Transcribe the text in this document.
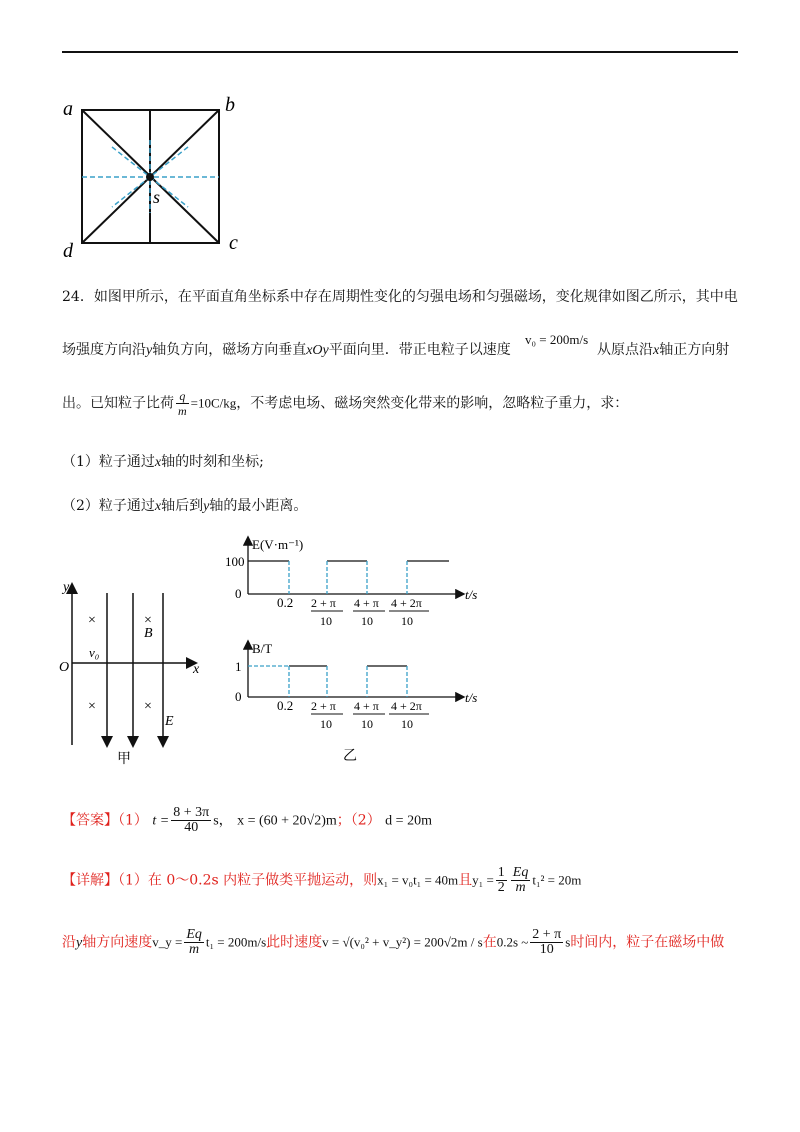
a	b
c
d
s
24．如图甲所示，在平面直角坐标系中存在周期性变化的匀强电场和匀强磁场，变化规律如图乙所示，其中电
场强度方向沿y轴负方向，磁场方向垂直xOy平面向里．带正电粒子以速度
v₀ = 200m/s
从原点沿x轴正方向射
出。已知粒子比荷 $\frac{q}{m} =10C/kg$，不考虑电场、磁场突然变化带来的影响，忽略粒子重力，求：
（1）粒子通过x轴的时刻和坐标;
（2）粒子通过x轴后到y轴的最小距离。
y
x
O
v₀
×	×
×	×
B
E
甲
E(V·m⁻¹)
100
0	t/s
0.2 2 + π
10
4 + π
10
4 + 2π
10
B/T
1
0	t/s
0.2 2 + π
10
4 + π
10
4 + 2π
10
乙
【答案】（1） $t = \frac{8 + 3\pi}{40}$ s， x = (60 + 20√2)m；（2） d = 20m
【详解】（1）在 0～0.2s 内粒子做类平抛运动，则x₁ = v₀t₁ = 40m且$y_1 = \frac{1}{2} \frac{Eq}{m} t_1^2 = 20m$
沿y轴方向速度v_y = $\frac{Eq}{m} t_1 = 200m/s$此时速度v = √(v₀² + v_y²) = 200√2m / s在0.2s ~ $\frac{2 + \pi}{10}$ s时间内，粒子在磁场中做
